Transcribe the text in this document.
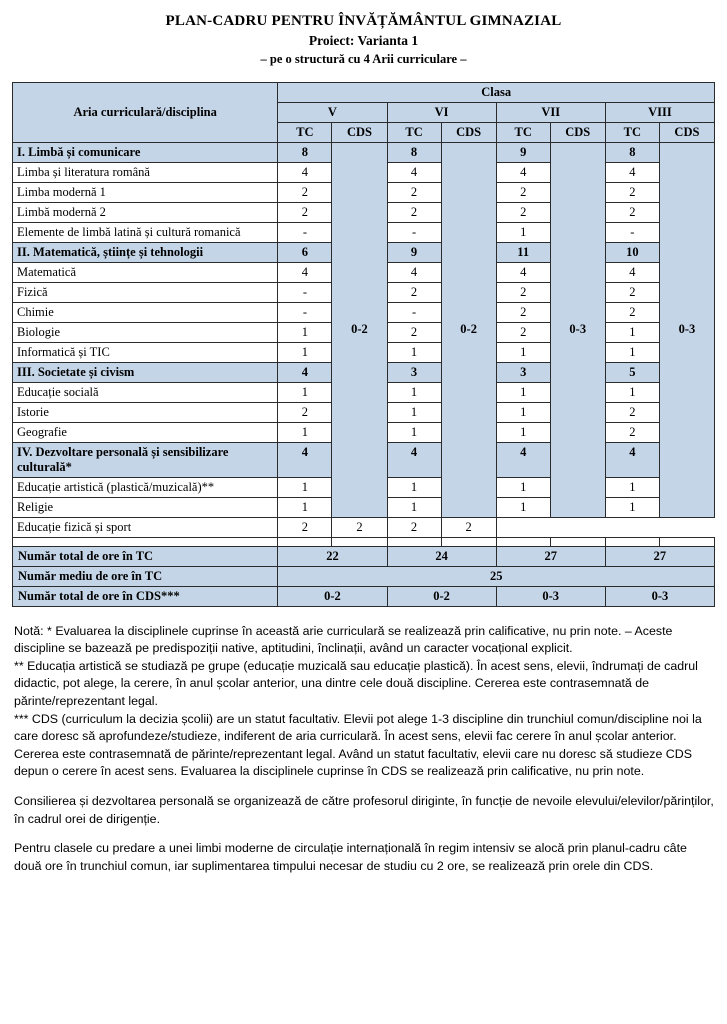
PLAN-CADRU PENTRU ÎNVĂȚĂMÂNTUL GIMNAZIAL
Proiect: Varianta 1
– pe o structură cu 4 Arii curriculare –
Aria curriculară/disciplina	Clasa							
	V		VI		VII		VIII	
	TC	CDS	TC	CDS	TC	CDS	TC	CDS
I. Limbă și comunicare	8	0-2	8	0-2	9	0-3	8	0-3
Limba și literatura română	4		4		4		4	
Limba modernă 1	2		2		2		2	
Limbă modernă 2	2		2		2		2	
Elemente de limbă latină și cultură romanică	-		-		1		-	
II. Matematică, științe și tehnologii	6		9		11		10	
Matematică	4		4		4		4	
Fizică	-		2		2		2	
Chimie	-		-		2		2	
Biologie	1		2		2		1	
Informatică și TIC	1		1		1		1	
III. Societate și civism	4		3		3		5	
Educație socială	1		1		1		1	
Istorie	2		1		1		2	
Geografie	1		1		1		2	
IV. Dezvoltare personală și sensibilizare culturală*	4		4		4		4	
Educație artistică (plastică/muzicală)**	1		1		1		1	
Religie	1		1		1		1	
Educație fizică și sport	2	2	2	2				

Număr total de ore în TC	22		24		27		27	
Număr mediu de ore în TC	25							
Număr total de ore în CDS***	0-2		0-2		0-3		0-3	

Notă: * Evaluarea la disciplinele cuprinse în această arie curriculară se realizează prin calificative, nu prin note. – Aceste discipline se bazează pe predispoziții native, aptitudini, înclinații, având un caracter vocațional explicit.

** Educația artistică se studiază pe grupe (educație muzicală sau educație plastică). În acest sens, elevii, îndrumați de cadrul didactic, pot alege, la cerere, în anul școlar anterior, una dintre cele două discipline. Cererea este contrasemnată de părinte/reprezentant legal.

*** CDS (curriculum la decizia școlii) are un statut facultativ. Elevii pot alege 1-3 discipline din trunchiul comun/discipline noi la care doresc să aprofundeze/studieze, indiferent de aria curriculară. În acest sens, elevii fac cerere în anul școlar anterior. Cererea este contrasemnată de părinte/reprezentant legal. Având un statut facultativ, elevii care nu doresc să studieze CDS depun o cerere în acest sens. Evaluarea la disciplinele cuprinse în CDS se realizează prin calificative, nu prin note.

Consilierea și dezvoltarea personală se organizează de către profesorul diriginte, în funcție de nevoile elevului/elevilor/părinților, în cadrul orei de dirigenție.

Pentru clasele cu predare a unei limbi moderne de circulație internațională în regim intensiv se alocă prin planul-cadru câte două ore în trunchiul comun, iar suplimentarea timpului necesar de studiu cu 2 ore, se realizează prin orele din CDS.
